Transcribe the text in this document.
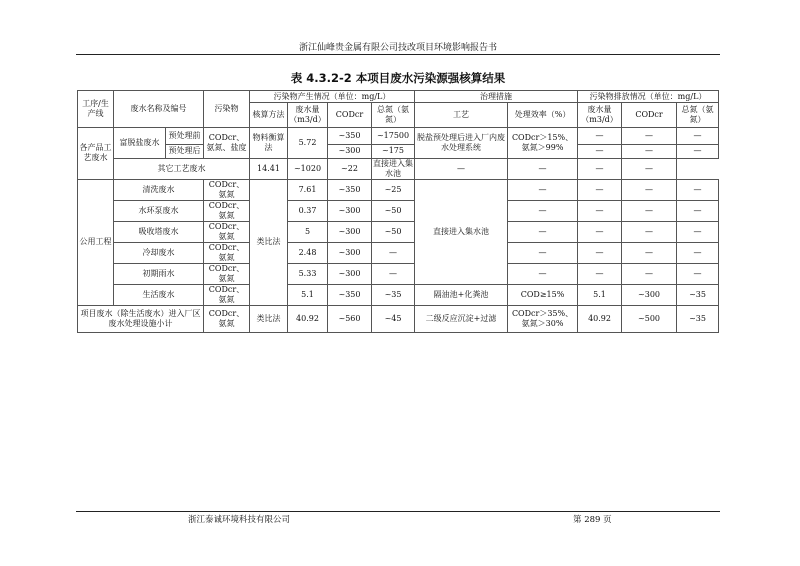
浙江仙峰贵金属有限公司技改项目环境影响报告书
表 4.3.2-2 本项目废水污染源强核算结果
工序/生产线	废水名称及编号		污染物	污染物产生情况（单位：mg/L）				治理措施		污染物排放情况（单位：mg/L）		
				核算方法	废水量（m3/d）	CODcr	总氮（氨氮）	工艺	处理效率（%）	废水量（m3/d）	CODcr	总氮（氨氮）
各产品工艺废水	富脱盐废水	预处理前	CODcr、氨氮、盐度	物料衡算法	5.72	~350	~17500	脱盐预处理后进入厂内废水处理系统	CODcr＞15%、氨氮＞99%	—	—	—
		预处理后				~300	~175			—	—	—
	其它工艺废水			14.41	~1020	~22	直接进入集水池	—	—	—	—	
公用工程	清洗废水		CODcr、氨氮	类比法	7.61	~350	~25	直接进入集水池	—	—	—	—
	水环泵废水		CODcr、氨氮		0.37	~300	~50		—	—	—	—
	吸收塔废水		CODcr、氨氮		5	~300	~50		—	—	—	—
	冷却废水		CODcr、氨氮		2.48	~300	—		—	—	—	—
	初期雨水		CODcr、氨氮		5.33	~300	—		—	—	—	—
	生活废水		CODcr、氨氮		5.1	~350	~35	隔油池+化粪池	COD≥15%	5.1	~300	~35
项目废水（除生活废水）进入厂区废水处理设施小计			CODcr、氨氮	类比法	40.92	~560	~45	二级反应沉淀+过滤	CODcr＞35%、氨氮＞30%	40.92	~500	~35
浙江泰诚环境科技有限公司	第 289 页
